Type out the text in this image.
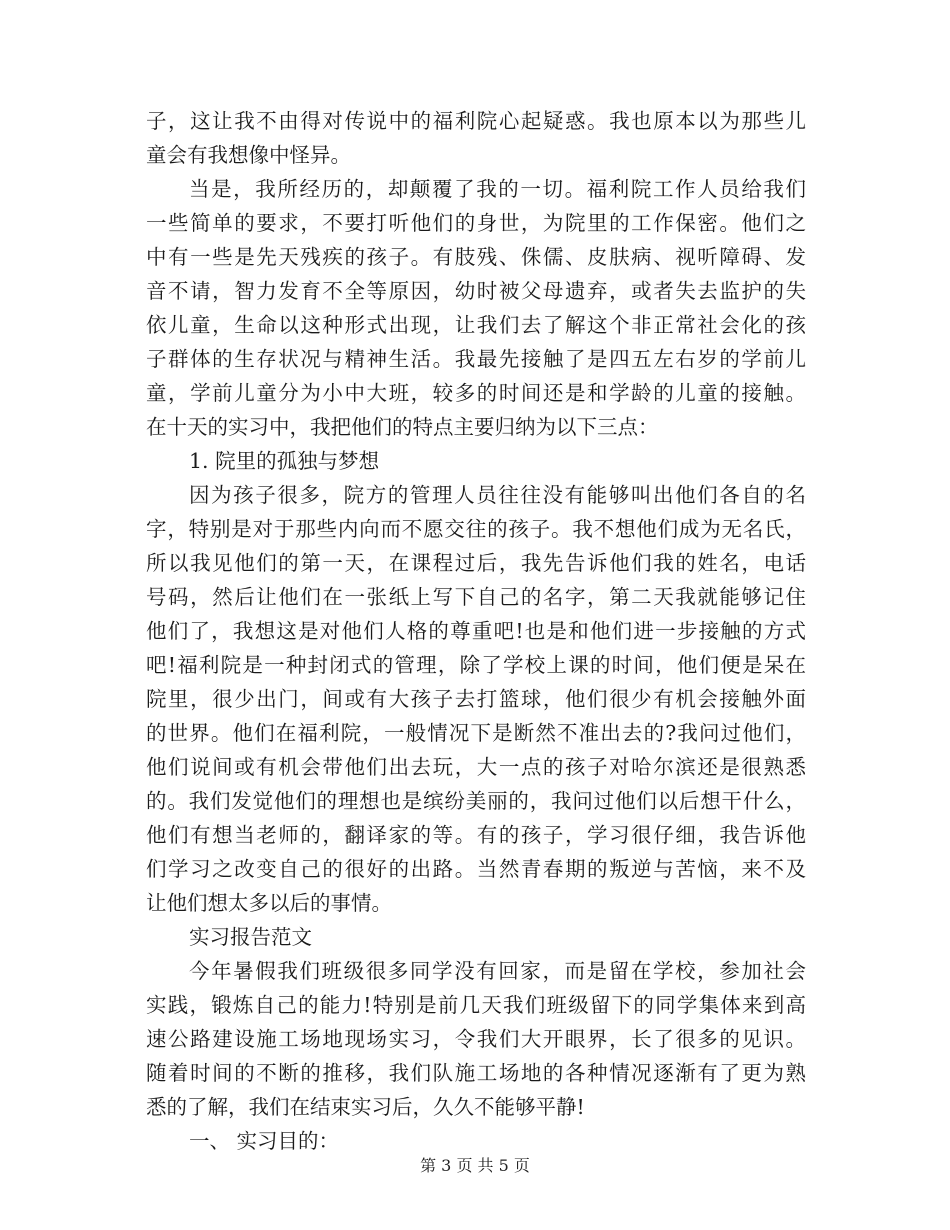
子，这让我不由得对传说中的福利院心起疑惑。我也原本以为那些儿
童会有我想像中怪异。
当是，我所经历的，却颠覆了我的一切。福利院工作人员给我们
一些简单的要求，不要打听他们的身世，为院里的工作保密。他们之
中有一些是先天残疾的孩子。有肢残、侏儒、皮肤病、视听障碍、发
音不请，智力发育不全等原因，幼时被父母遗弃，或者失去监护的失
依儿童，生命以这种形式出现，让我们去了解这个非正常社会化的孩
子群体的生存状况与精神生活。我最先接触了是四五左右岁的学前儿
童，学前儿童分为小中大班，较多的时间还是和学龄的儿童的接触。
在十天的实习中，我把他们的特点主要归纳为以下三点：
1. 院里的孤独与梦想
因为孩子很多，院方的管理人员往往没有能够叫出他们各自的名
字，特别是对于那些内向而不愿交往的孩子。我不想他们成为无名氏，
所以我见他们的第一天，在课程过后，我先告诉他们我的姓名，电话
号码，然后让他们在一张纸上写下自己的名字，第二天我就能够记住
他们了，我想这是对他们人格的尊重吧!也是和他们进一步接触的方式
吧!福利院是一种封闭式的管理，除了学校上课的时间，他们便是呆在
院里，很少出门，间或有大孩子去打篮球，他们很少有机会接触外面
的世界。他们在福利院，一般情况下是断然不准出去的?我问过他们，
他们说间或有机会带他们出去玩，大一点的孩子对哈尔滨还是很熟悉
的。我们发觉他们的理想也是缤纷美丽的，我问过他们以后想干什么，
他们有想当老师的，翻译家的等。有的孩子，学习很仔细，我告诉他
们学习之改变自己的很好的出路。当然青春期的叛逆与苦恼，来不及
让他们想太多以后的事情。
实习报告范文
今年暑假我们班级很多同学没有回家，而是留在学校，参加社会
实践，锻炼自己的能力!特别是前几天我们班级留下的同学集体来到高
速公路建设施工场地现场实习，令我们大开眼界，长了很多的见识。
随着时间的不断的推移，我们队施工场地的各种情况逐渐有了更为熟
悉的了解，我们在结束实习后，久久不能够平静!
一、 实习目的：
第 3 页 共 5 页
